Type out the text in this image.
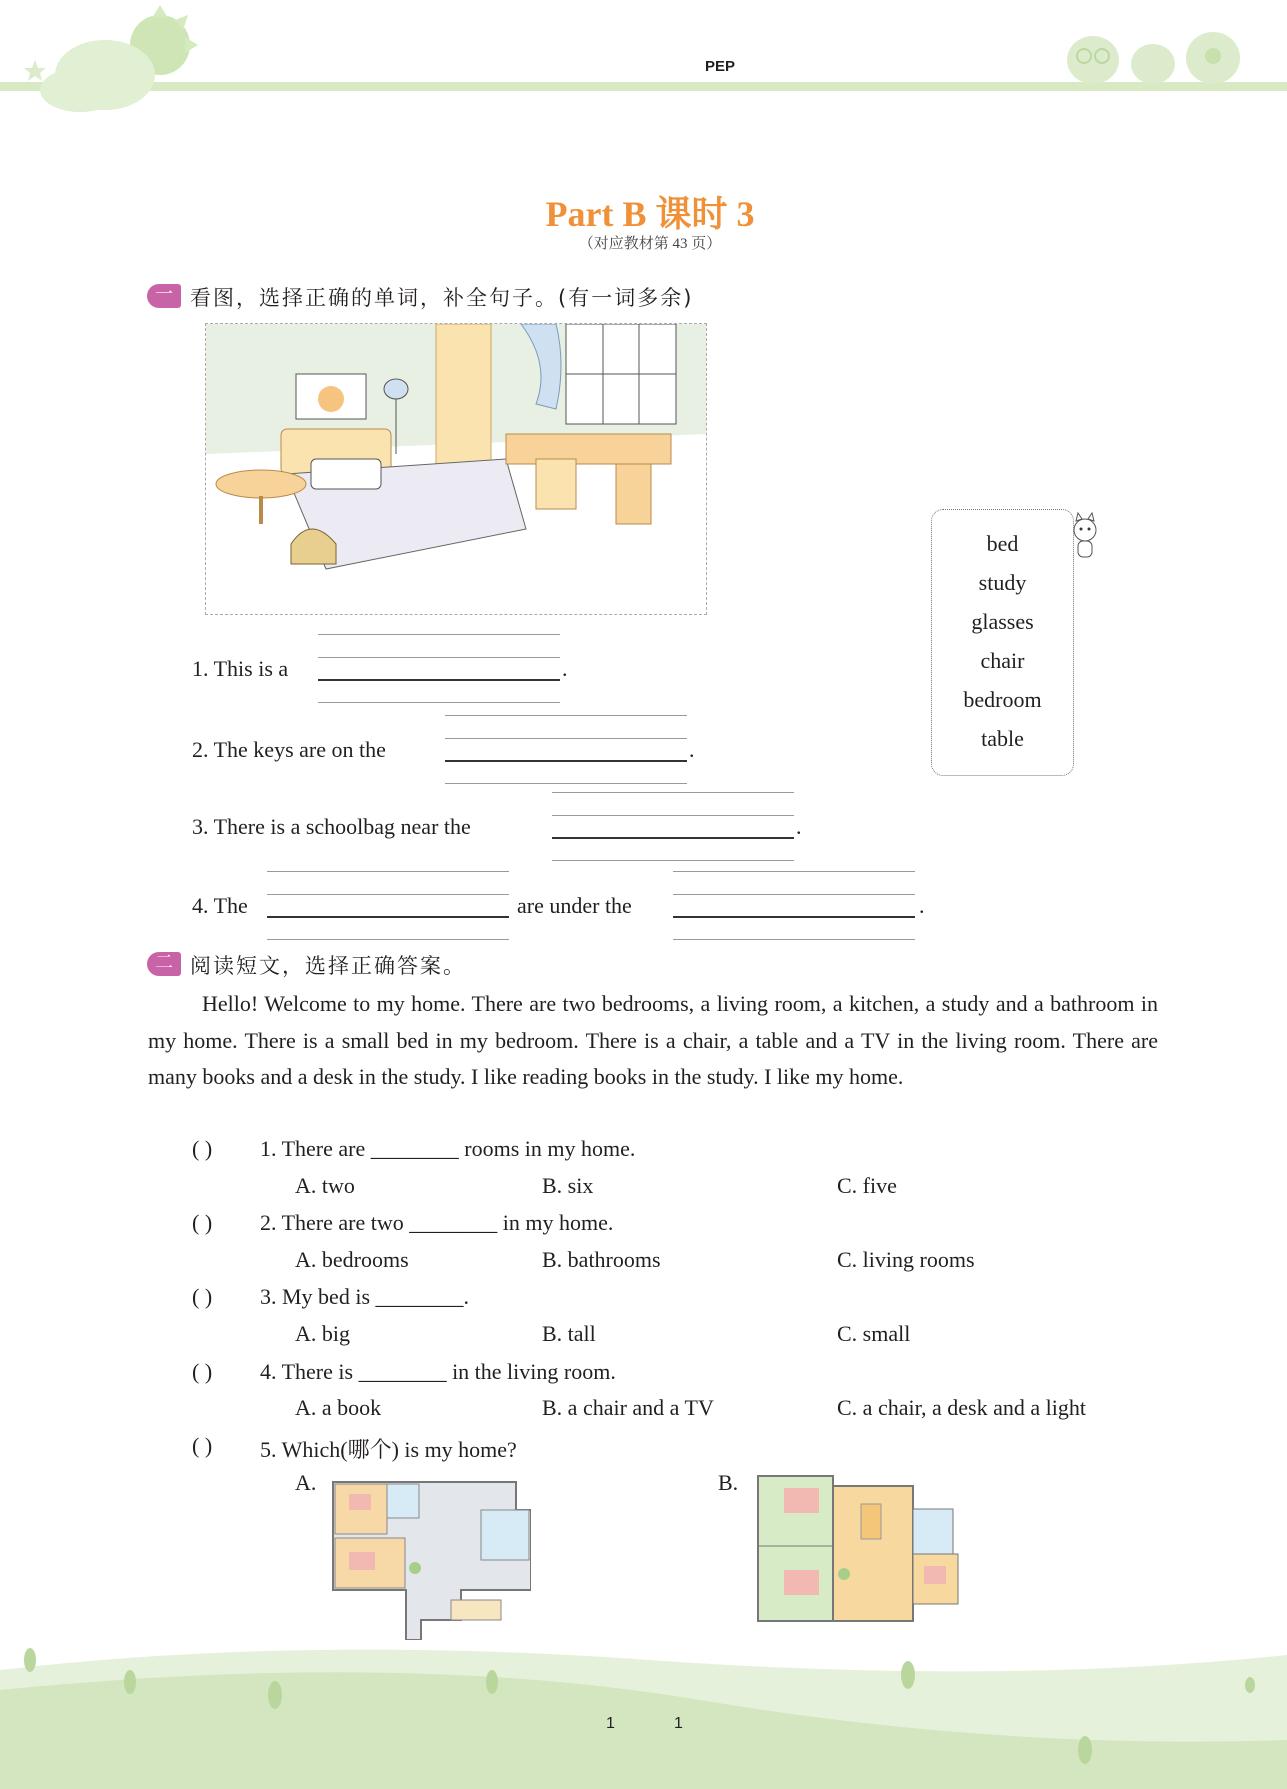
PEP
Part B 课时 3
（对应教材第 43 页）
一 看图，选择正确的单词，补全句子。(有一词多余)
bed
study
glasses
chair
bedroom
table
1. This is a	.
2. The keys are on the	.
3. There is a schoolbag near the	.
4. The	are under the	.
二 阅读短文，选择正确答案。
Hello! Welcome to my home. There are two bedrooms, a living room, a kitchen, a study and a bathroom in my home. There is a small bed in my bedroom. There is a chair, a table and a TV in the living room. There are many books and a desk in the study. I like reading books in the study. I like my home.
( ) 1. There are ________ rooms in my home.
A. two	B. six	C. five
( ) 2. There are two ________ in my home.
A. bedrooms	B. bathrooms	C. living rooms
( ) 3. My bed is ________.
A. big	B. tall	C. small
( ) 4. There is ________ in the living room.
A. a book	B. a chair and a TV	C. a chair, a desk and a light
( ) 5. Which(哪个) is my home?
A.	B.
1	1
